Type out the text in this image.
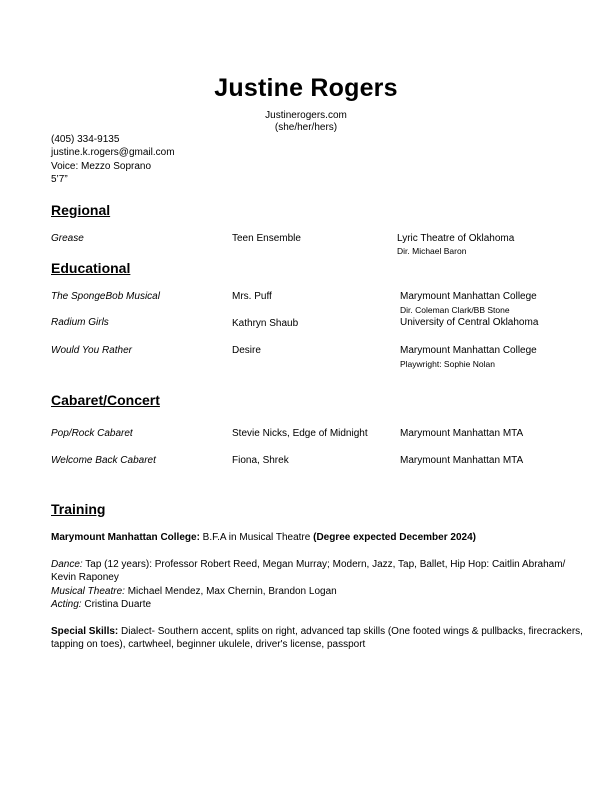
Justine Rogers
Justinerogers.com
(she/her/hers)
(405) 334-9135
justine.k.rogers@gmail.com
Voice: Mezzo Soprano
5’7”
Regional
Grease	Teen Ensemble	Lyric Theatre of Oklahoma
Dir. Michael Baron
Educational
The SpongeBob Musical	Mrs. Puff	Marymount Manhattan College
Dir. Coleman Clark/BB Stone
Radium Girls	Kathryn Shaub	University of Central Oklahoma
Would You Rather	Desire	Marymount Manhattan College
Playwright: Sophie Nolan
Cabaret/Concert
Pop/Rock Cabaret	Stevie Nicks, Edge of Midnight	Marymount Manhattan MTA
Welcome Back Cabaret	Fiona, Shrek	Marymount Manhattan MTA
Training
Marymount Manhattan College: B.F.A in Musical Theatre (Degree expected December 2024)
Dance: Tap (12 years): Professor Robert Reed, Megan Murray; Modern, Jazz, Tap, Ballet, Hip Hop: Caitlin Abraham/ Kevin Raponey
Musical Theatre: Michael Mendez, Max Chernin, Brandon Logan
Acting: Cristina Duarte
Special Skills: Dialect- Southern accent, splits on right, advanced tap skills (One footed wings & pullbacks, firecrackers, tapping on toes), cartwheel, beginner ukulele, driver's license, passport
